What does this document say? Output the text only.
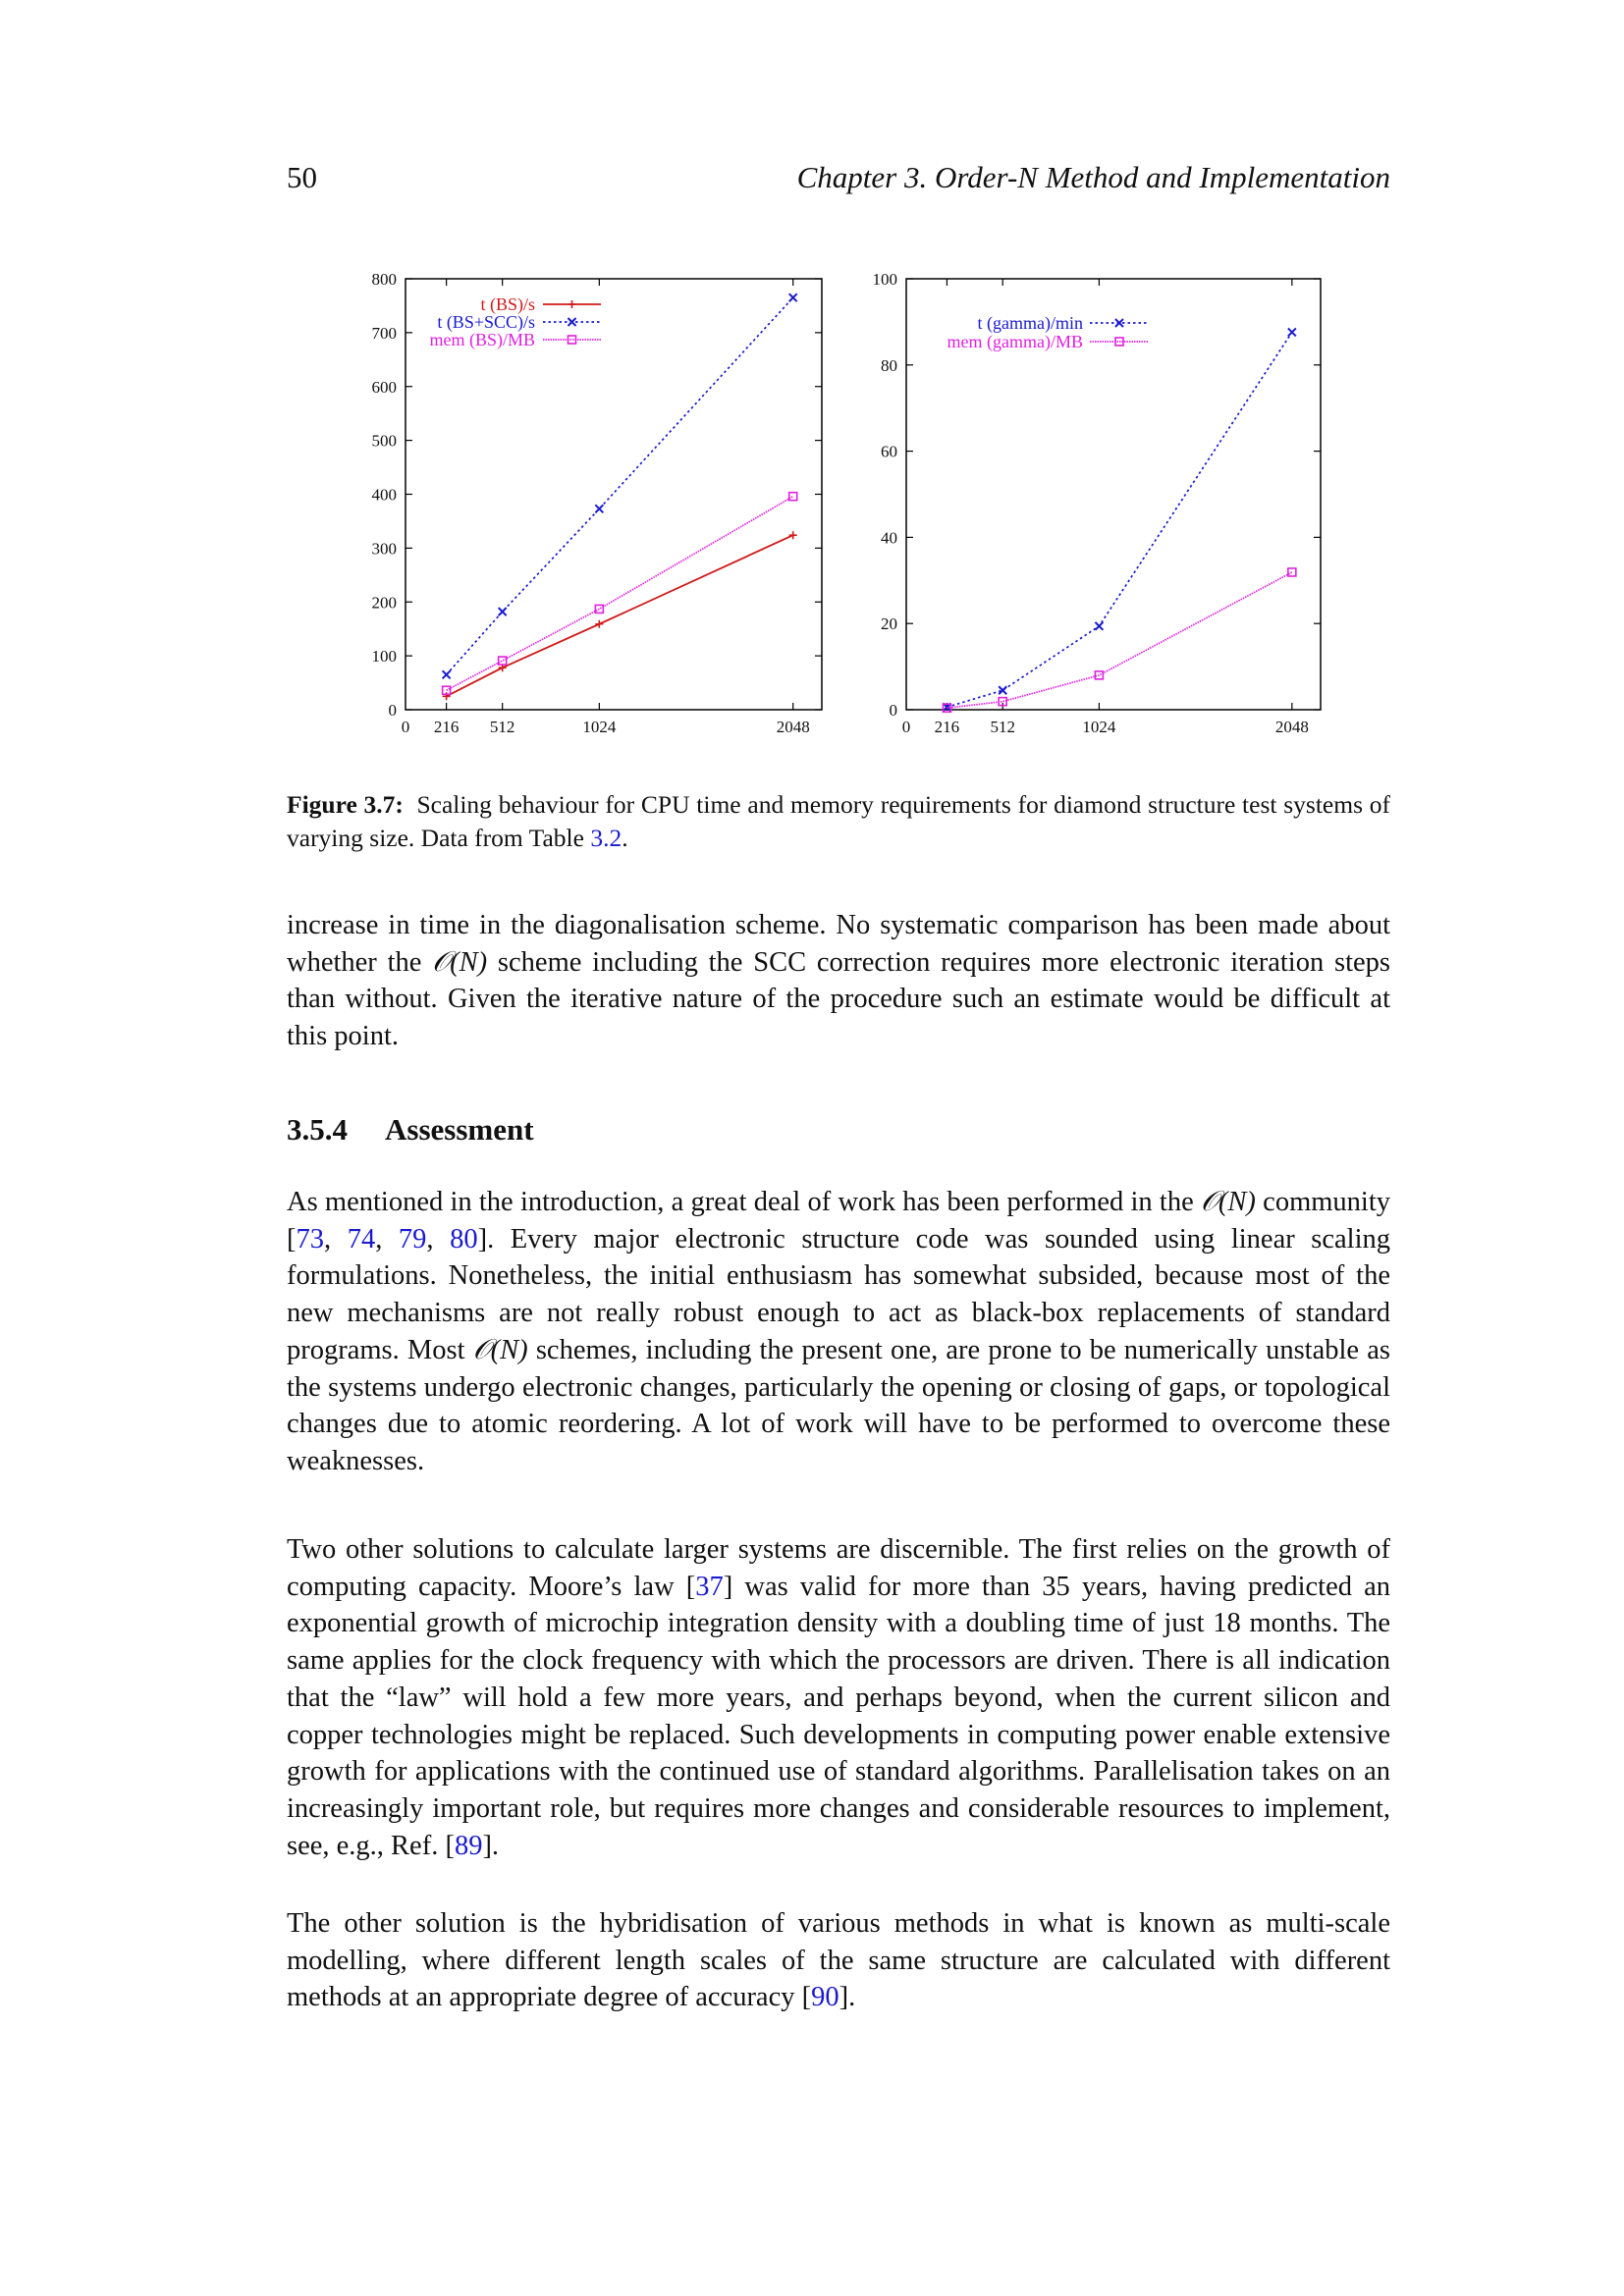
50	Chapter 3. Order-N Method and Implementation
0
100
200
300
400
500
600
700
800
0 216 512	1024	2048
t (BS)/s
t (BS+SCC)/s
mem (BS)/MB
0
20
40
60
80
100
0 216 512	1024	2048
t (gamma)/min
mem (gamma)/MB
Figure 3.7: Scaling behaviour for CPU time and memory requirements for diamond structure test systems of varying size. Data from Table 3.2.

increase in time in the diagonalisation scheme. No systematic comparison has been made about whether the 𝒪(N) scheme including the SCC correction requires more electronic iteration steps than without. Given the iterative nature of the procedure such an estimate would be difficult at this point.

3.5.4 Assessment

As mentioned in the introduction, a great deal of work has been performed in the 𝒪(N) community [73, 74, 79, 80]. Every major electronic structure code was sounded using linear scaling formulations. Nonetheless, the initial enthusiasm has somewhat subsided, because most of the new mechanisms are not really robust enough to act as black-box replacements of standard programs. Most 𝒪(N) schemes, including the present one, are prone to be numerically unstable as the systems undergo electronic changes, particularly the opening or closing of gaps, or topological changes due to atomic reordering. A lot of work will have to be performed to overcome these weaknesses.

Two other solutions to calculate larger systems are discernible. The first relies on the growth of computing capacity. Moore’s law [37] was valid for more than 35 years, having predicted an exponential growth of microchip integration density with a doubling time of just 18 months. The same applies for the clock frequency with which the processors are driven. There is all indication that the “law” will hold a few more years, and perhaps beyond, when the current silicon and copper technologies might be replaced. Such developments in computing power enable extensive growth for applications with the continued use of standard algorithms. Parallelisation takes on an increasingly important role, but requires more changes and considerable resources to implement, see, e.g., Ref. [89].

The other solution is the hybridisation of various methods in what is known as multi-scale modelling, where different length scales of the same structure are calculated with different methods at an appropriate degree of accuracy [90].
